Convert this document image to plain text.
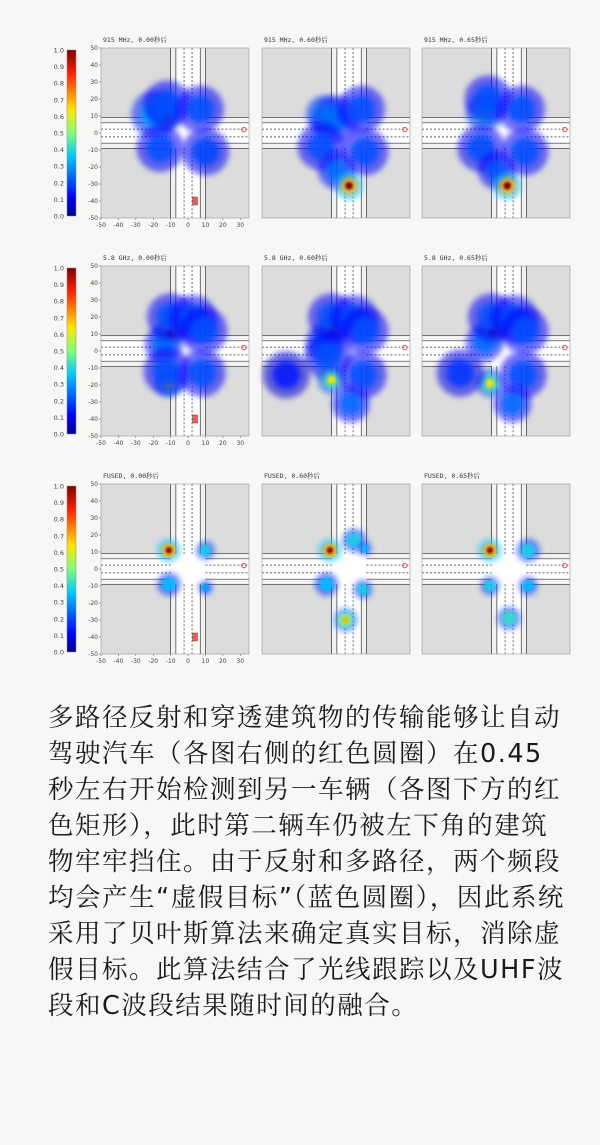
0.0
0.1
0.2
0.3
0.4
0.5
0.6
0.7
0.8
0.9
1.0
915 MHz, 0.00秒后
50
40
30
20
10
0
-10
-20
-30
-40
-50
-50 -40 -30 -20 -10 0 10 20 30
915 MHz, 0.60秒后	915 MHz, 0.65秒后
0.0
0.1
0.2
0.3
0.4
0.5
0.6
0.7
0.8
0.9
1.0
5.8 GHz, 0.00秒后
50
40
30
20
10
0
-10
-20
-30
-40
-50
-50 -40 -30 -20 -10 0 10 20 30
5.8 GHz, 0.60秒后	5.8 GHz, 0.65秒后
0.0
0.1
0.2
0.3
0.4
0.5
0.6
0.7
0.8
0.9
1.0
FUSED, 0.00秒后
50
40
30
20
10
0
-10
-20
-30
-40
-50
-50 -40 -30 -20 -10 0 10 20 30
FUSED, 0.60秒后	FUSED, 0.65秒后

多路径反射和穿透建筑物的传输能够让自动驾驶汽车（各图右侧的红色圆圈）在0.45秒左右开始检测到另一车辆（各图下方的红色矩形），此时第二辆车仍被左下角的建筑物牢牢挡住。由于反射和多路径，两个频段均会产生“虚假目标”（蓝色圆圈），因此系统采用了贝叶斯算法来确定真实目标，消除虚假目标。此算法结合了光线跟踪以及UHF波段和C波段结果随时间的融合。
